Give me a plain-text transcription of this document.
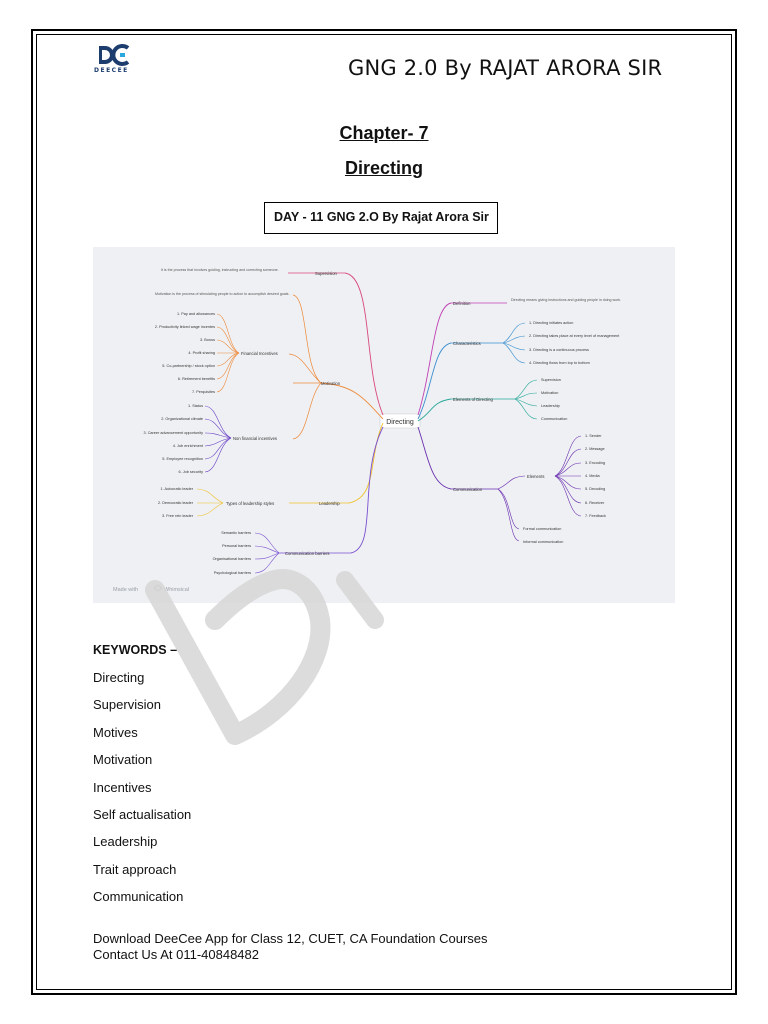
DEECEE	GNG 2.0 By RAJAT ARORA SIR
Chapter- 7
Directing
DAY - 11 GNG 2.O By Rajat Arora Sir
Directing
Supervision
It is the process that involves guiding, instructing and correcting someone.
Motivation
Motivation is the process of stimulating people to action to accomplish desired goals.
Financial Incentives
1. Pay and allowances
2. Productivity linked wage incentes
3. Bonus
4. Profit sharing
5. Co-partnership / stock option
6. Retirement benefits
7. Perquisites
Non financial incentives
1. Status
2. Organizational climate
3. Career advancement opportunity
4. Job enrichment
5. Employee recognition
6. Job security
Leadership
Types of leadership styles
1. Autocratic leader
2. Democratic leader
3. Free rein leader
Communication barriers
Semantic barriers
Personal barriers
Organisational barriers
Psychological barriers
Definition
Directing means giving instructions and guiding people in doing work.
Characteristics
1. Directing initiates action
2. Directing takes place at every level of management
3. Directing is a continuous process
4. Directing flows from top to bottom
Elements of Directing
Supervision
Motivation
Leadership
Communication
Communication
Elements
1. Sender
2. Message
3. Encoding
4. Media
5. Decoding
6. Receiver
7. Feedback
Formal communication
Informal communication
Made with	Whimsical
KEYWORDS –
Directing
Supervision
Motives
Motivation
Incentives
Self actualisation
Leadership
Trait approach
Communication
Download DeeCee App for Class 12, CUET, CA Foundation Courses
Contact Us At 011-40848482
